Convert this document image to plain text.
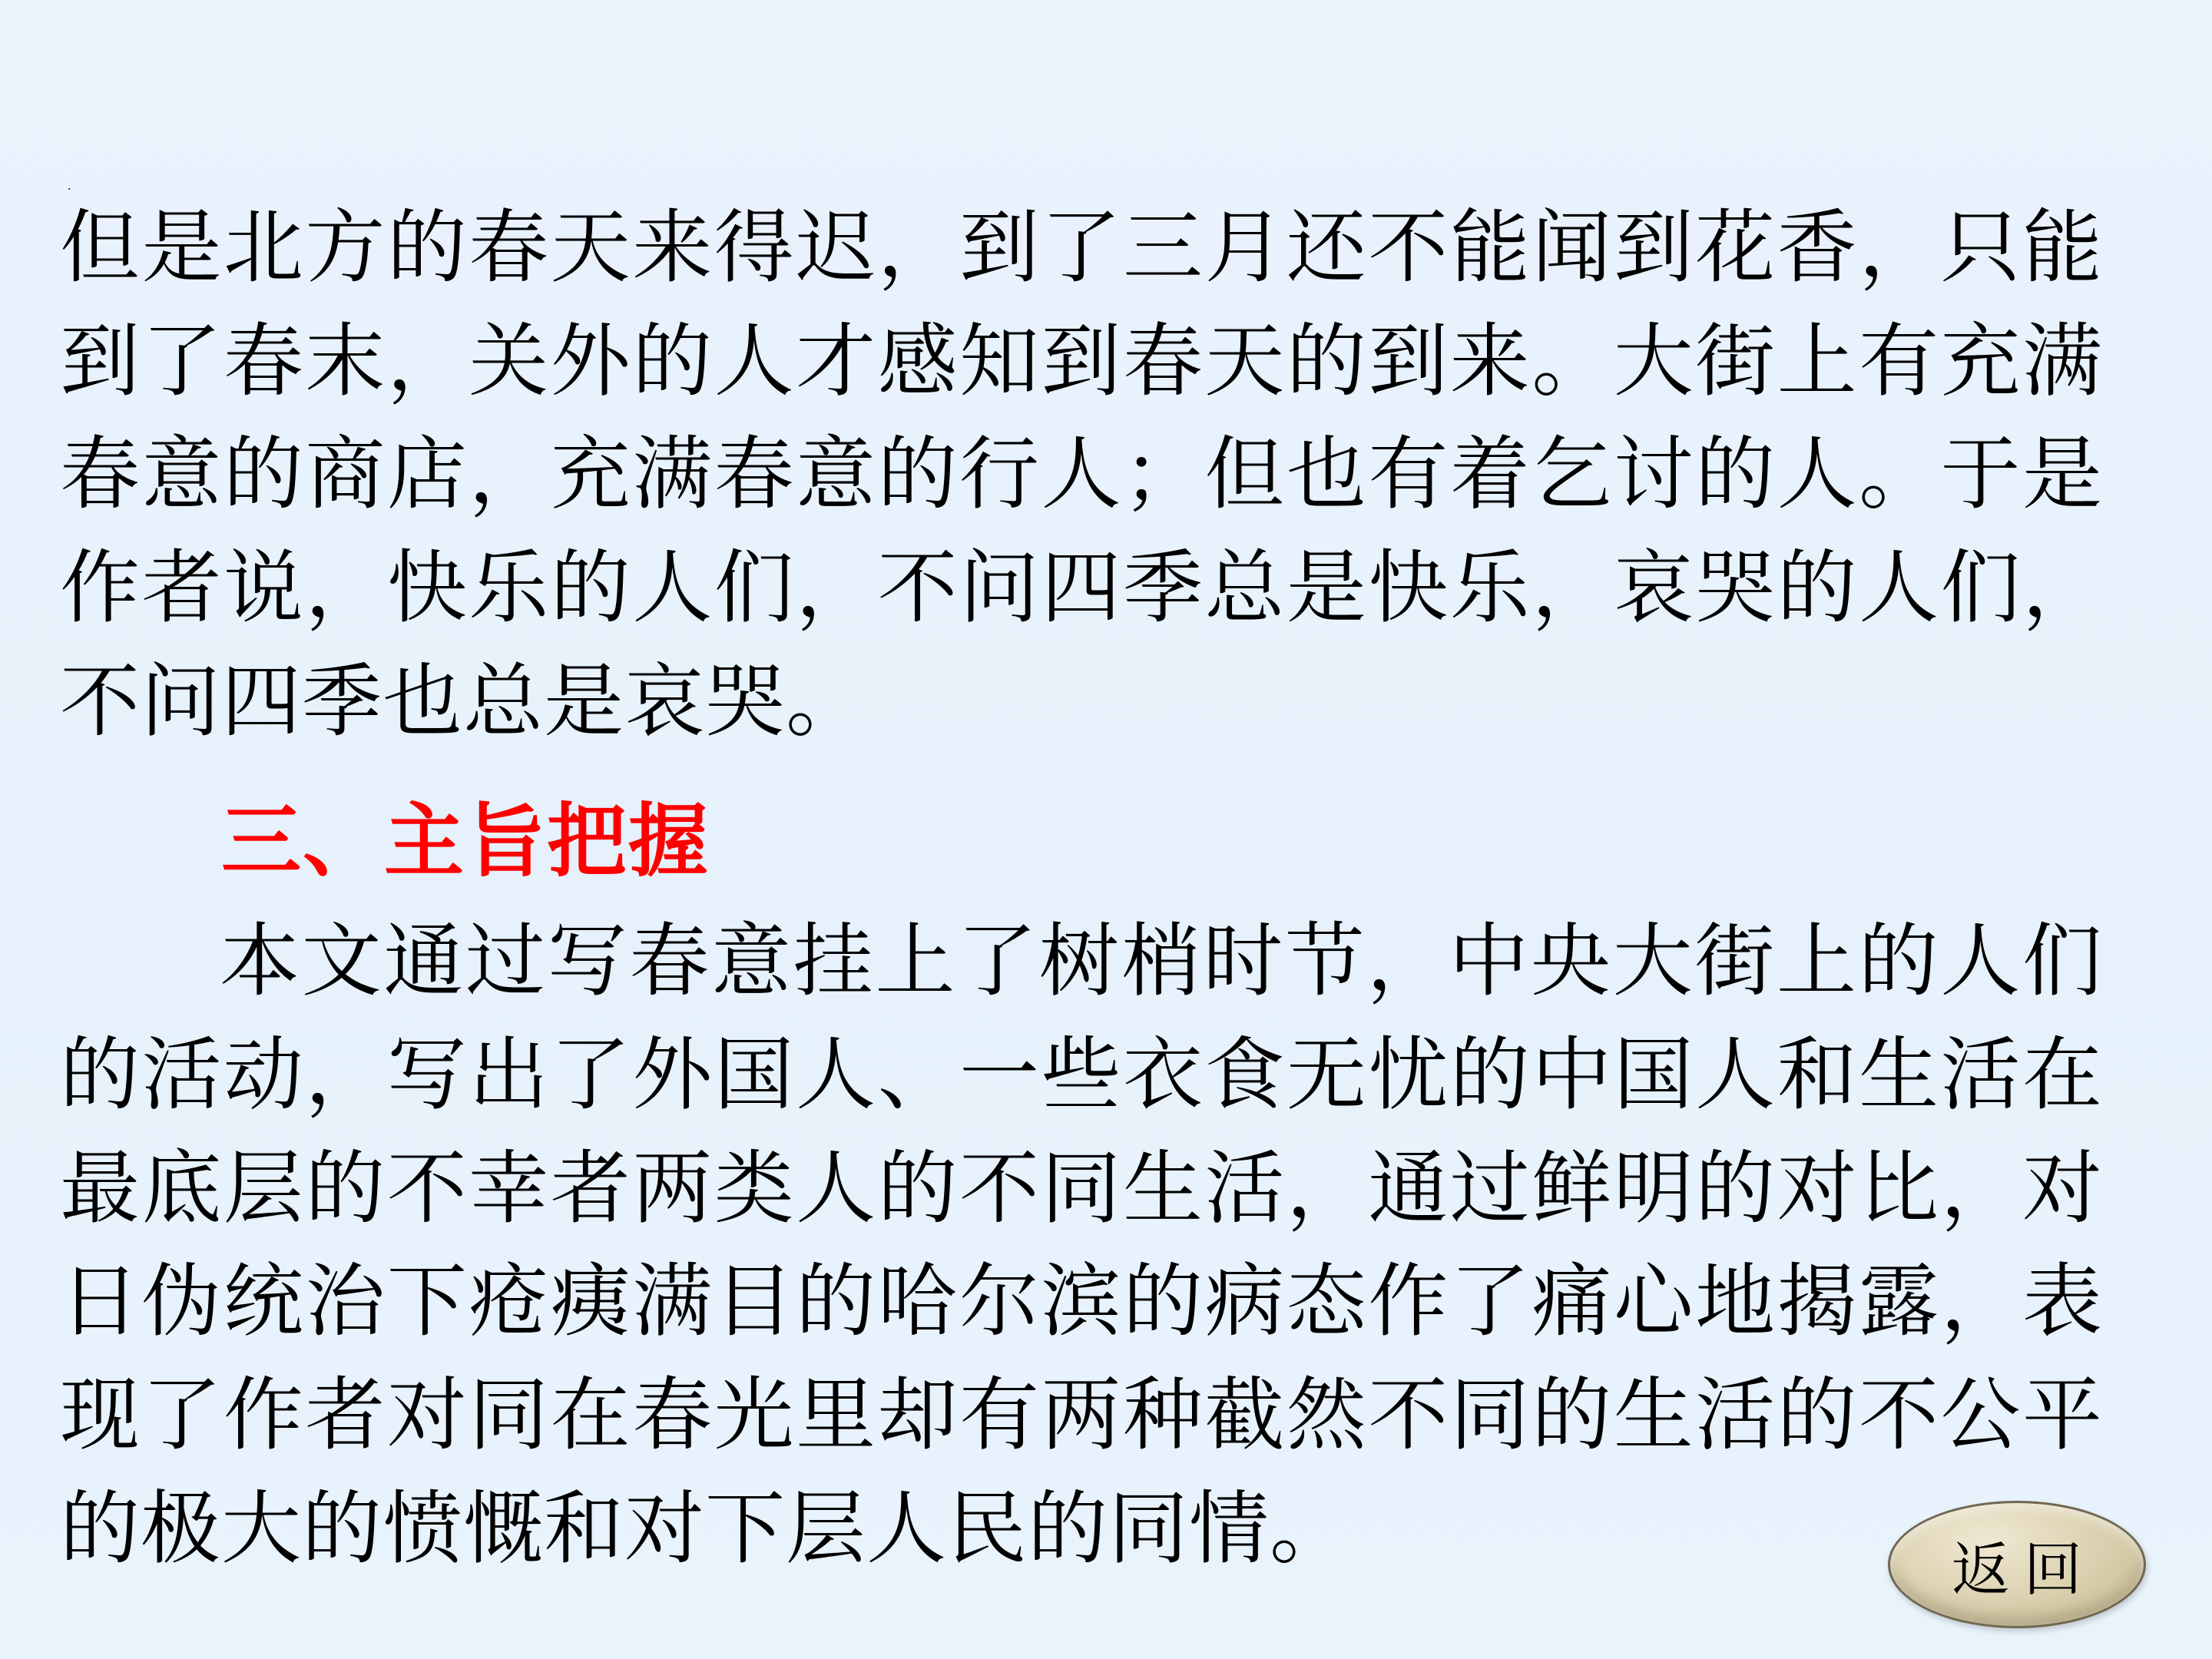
.

但是北方的春天来得迟，到了三月还不能闻到花香，只能到了春末，关外的人才感知到春天的到来。大街上有充满春意的商店，充满春意的行人；但也有着乞讨的人。于是作者说，快乐的人们，不问四季总是快乐，哀哭的人们，不问四季也总是哀哭。

三、主旨把握

本文通过写春意挂上了树梢时节，中央大街上的人们的活动，写出了外国人、一些衣食无忧的中国人和生活在最底层的不幸者两类人的不同生活，通过鲜明的对比，对日伪统治下疮痍满目的哈尔滨的病态作了痛心地揭露，表现了作者对同在春光里却有两种截然不同的生活的不公平的极大的愤慨和对下层人民的同情。	返回
